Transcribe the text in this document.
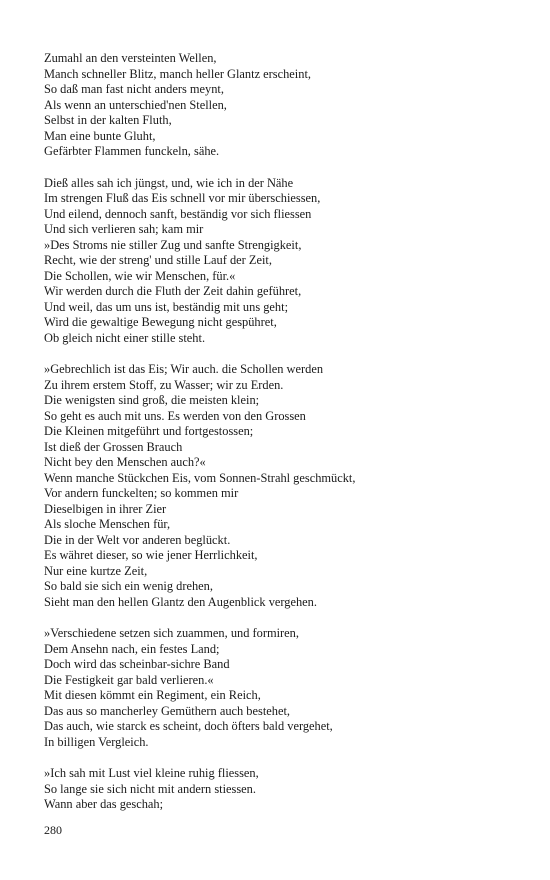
Zumahl an den versteinten Wellen,

Manch schneller Blitz, manch heller Glantz erscheint,

So daß man fast nicht anders meynt,

Als wenn an unterschied'nen Stellen,

Selbst in der kalten Fluth,

Man eine bunte Gluht,

Gefärbter Flammen funckeln, sähe.

Dieß alles sah ich jüngst, und, wie ich in der Nähe

Im strengen Fluß das Eis schnell vor mir überschiessen,

Und eilend, dennoch sanft, beständig vor sich fliessen

Und sich verlieren sah; kam mir

»Des Stroms nie stiller Zug und sanfte Strengigkeit,

Recht, wie der streng' und stille Lauf der Zeit,

Die Schollen, wie wir Menschen, für.«

Wir werden durch die Fluth der Zeit dahin geführet,

Und weil, das um uns ist, beständig mit uns geht;

Wird die gewaltige Bewegung nicht gespühret,

Ob gleich nicht einer stille steht.

»Gebrechlich ist das Eis; Wir auch. die Schollen werden

Zu ihrem erstem Stoff, zu Wasser; wir zu Erden.

Die wenigsten sind groß, die meisten klein;

So geht es auch mit uns. Es werden von den Grossen

Die Kleinen mitgeführt und fortgestossen;

Ist dieß der Grossen Brauch

Nicht bey den Menschen auch?«

Wenn manche Stückchen Eis, vom Sonnen-Strahl geschmückt,

Vor andern funckelten; so kommen mir

Dieselbigen in ihrer Zier

Als sloche Menschen für,

Die in der Welt vor anderen beglückt.

Es währet dieser, so wie jener Herrlichkeit,

Nur eine kurtze Zeit,

So bald sie sich ein wenig drehen,

Sieht man den hellen Glantz den Augenblick vergehen.

»Verschiedene setzen sich zuammen, und formiren,

Dem Ansehn nach, ein festes Land;

Doch wird das scheinbar-sichre Band

Die Festigkeit gar bald verlieren.«

Mit diesen kömmt ein Regiment, ein Reich,

Das aus so mancherley Gemüthern auch bestehet,

Das auch, wie starck es scheint, doch öfters bald vergehet,

In billigen Vergleich.

»Ich sah mit Lust viel kleine ruhig fliessen,

So lange sie sich nicht mit andern stiessen.

Wann aber das geschah;

280
